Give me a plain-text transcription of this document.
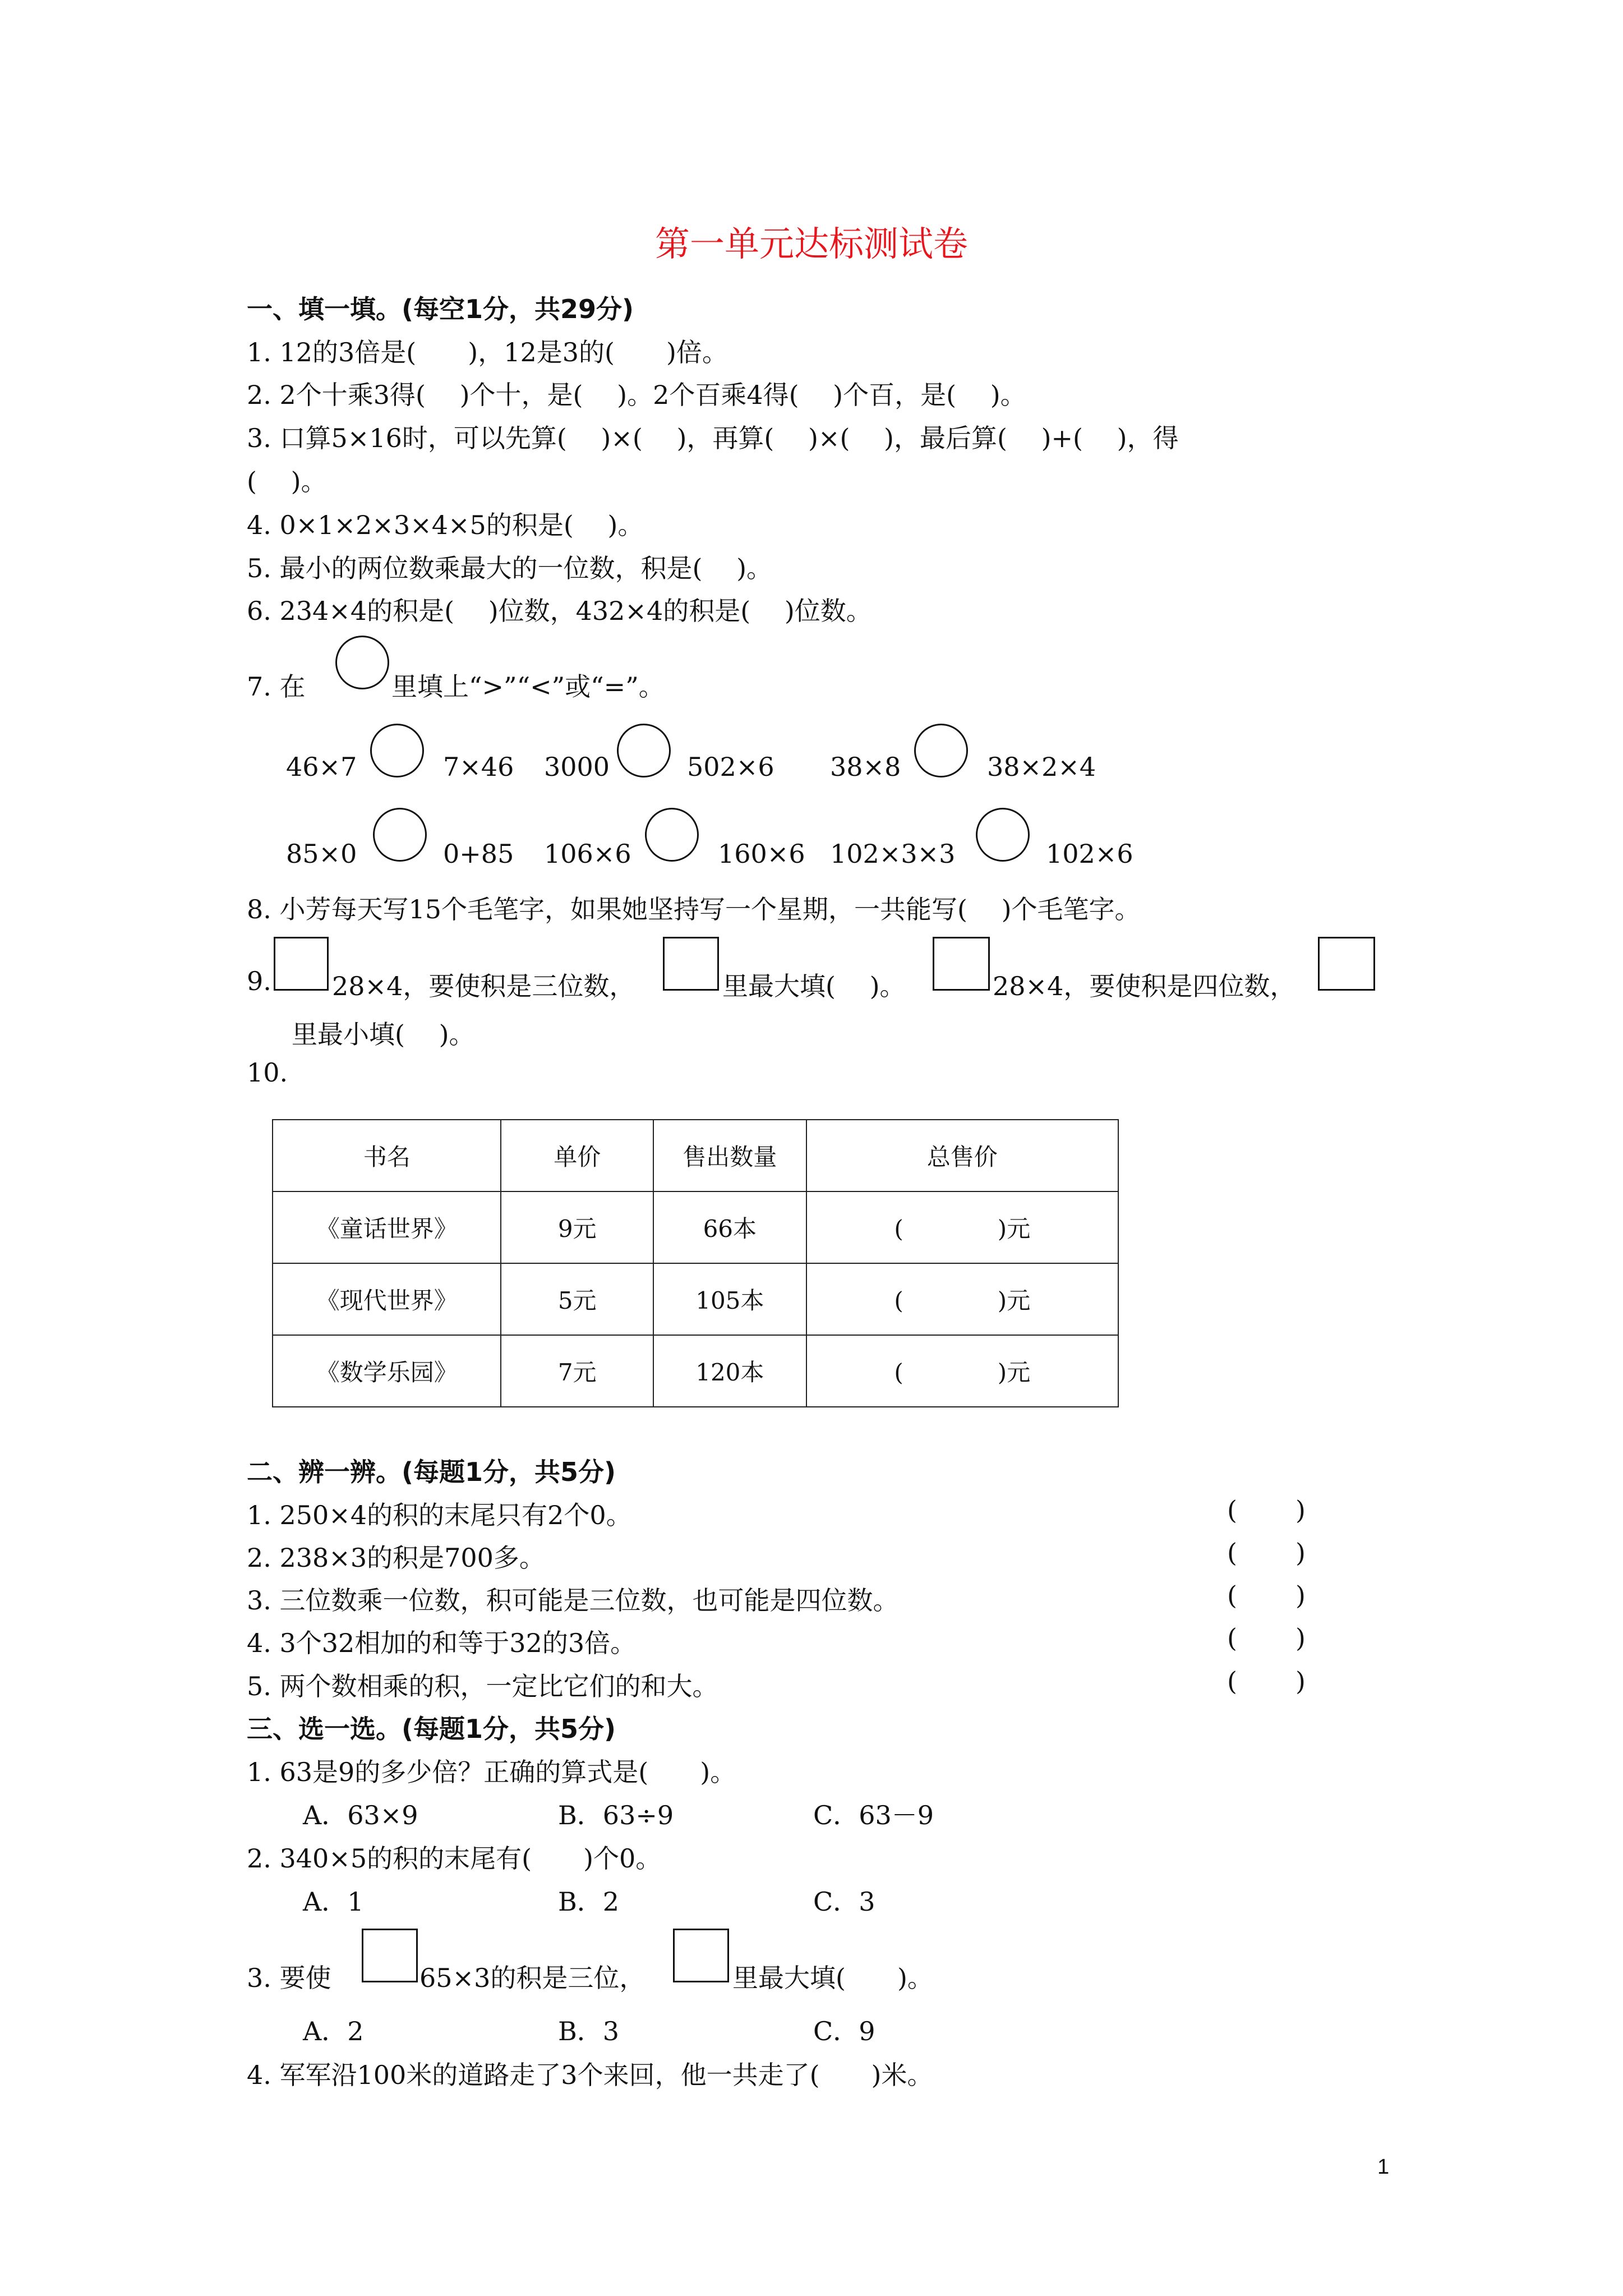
第一单元达标测试卷
一、填一填。(每空1分，共29分)
1. 12的3倍是(　　)，12是3的(　　)倍。
2. 2个十乘3得(　 )个十，是(　 )。2个百乘4得(　 )个百，是(　 )。
3. 口算5×16时，可以先算(　 )×(　 )，再算(　 )×(　 )，最后算(　 )+(　 )，得
(　 )。
4. 0×1×2×3×4×5的积是(　 )。
5. 最小的两位数乘最大的一位数，积是(　 )。
6. 234×4的积是(　 )位数，432×4的积是(　 )位数。
7. 在	里填上“>”“<”或“=”。
46×7	7×46 3000	502×6 38×8	38×2×4
85×0	0+85 106×6	160×6 102×3×3	102×6
8. 小芳每天写15个毛笔字，如果她坚持写一个星期，一共能写(　 )个毛笔字。
9. 28×4，要使积是三位数，	里最大填(　 )。	28×4，要使积是四位数，
里最小填(　 )。
10.
书名	单价	售出数量	总售价
《童话世界》	9元	66本	(　　　　)元
《现代世界》	5元	105本	(　　　　)元
《数学乐园》	7元	120本	(　　　　)元
二、辨一辨。(每题1分，共5分)
1. 250×4的积的末尾只有2个0。
2. 238×3的积是700多。
3. 三位数乘一位数，积可能是三位数，也可能是四位数。
4. 3个32相加的和等于32的3倍。
5. 两个数相乘的积，一定比它们的和大。
( )
( )
( )
( )
( )
三、选一选。(每题1分，共5分)
1. 63是9的多少倍？正确的算式是(　　)。
A．63×9	B．63÷9	C．63－9
2. 340×5的积的末尾有(　　)个0。
A．1	B．2	C．3
3. 要使	65×3的积是三位，	里最大填(　　)。
A．2	B．3	C．9
4. 军军沿100米的道路走了3个来回，他一共走了(　　)米。
1
